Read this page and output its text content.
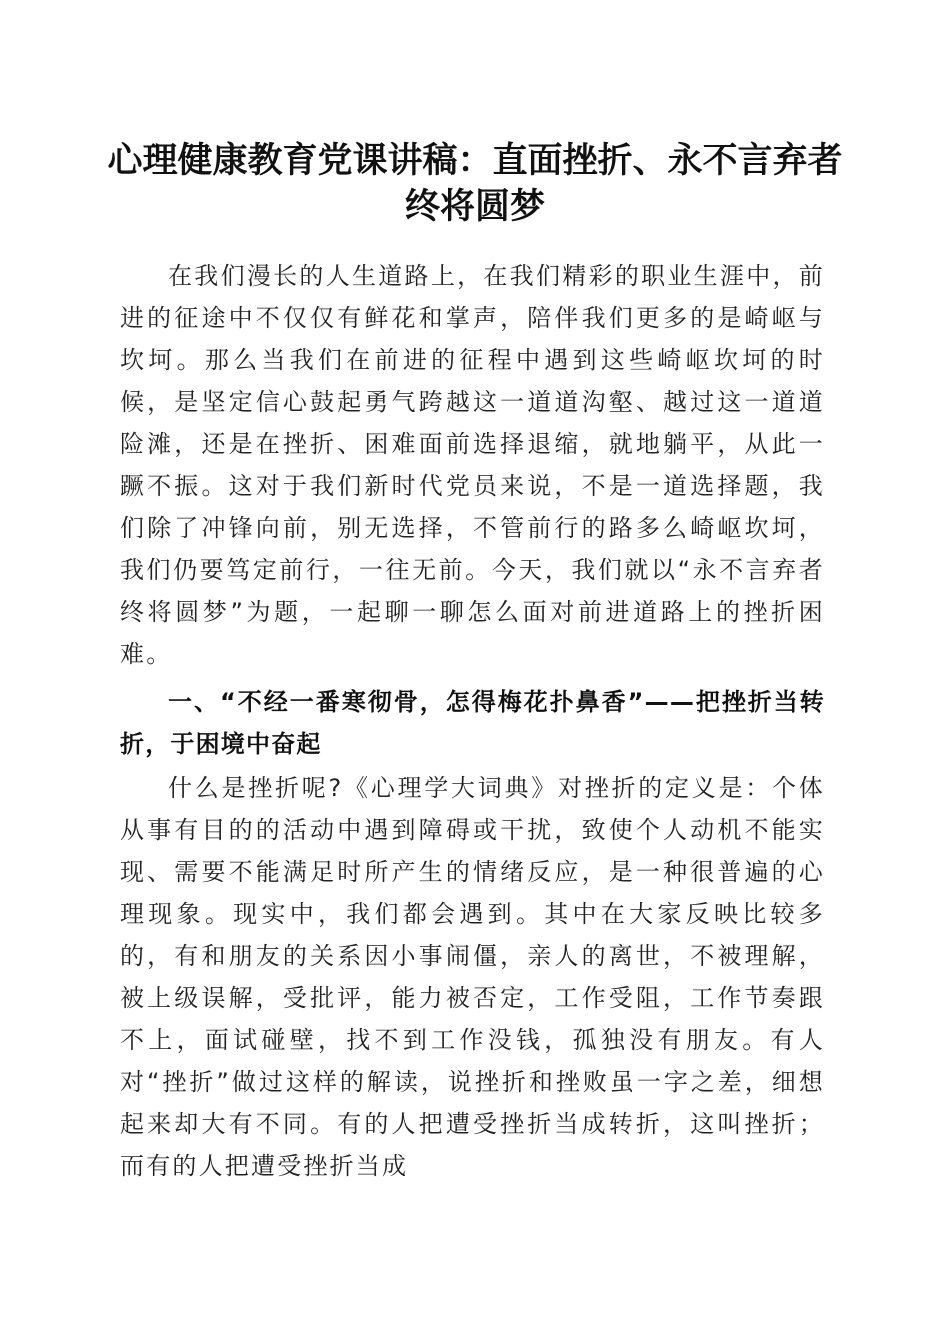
心理健康教育党课讲稿：直面挫折、永不言弃者终将圆梦

在我们漫长的人生道路上，在我们精彩的职业生涯中，前进的征途中不仅仅有鲜花和掌声，陪伴我们更多的是崎岖与坎坷。那么当我们在前进的征程中遇到这些崎岖坎坷的时候，是坚定信心鼓起勇气跨越这一道道沟壑、越过这一道道险滩，还是在挫折、困难面前选择退缩，就地躺平，从此一蹶不振。这对于我们新时代党员来说，不是一道选择题，我们除了冲锋向前，别无选择，不管前行的路多么崎岖坎坷，我们仍要笃定前行，一往无前。今天，我们就以“永不言弃者终将圆梦”为题，一起聊一聊怎么面对前进道路上的挫折困难。

一、“不经一番寒彻骨，怎得梅花扑鼻香”——把挫折当转折，于困境中奋起

什么是挫折呢?《心理学大词典》对挫折的定义是：个体从事有目的的活动中遇到障碍或干扰，致使个人动机不能实现、需要不能满足时所产生的情绪反应，是一种很普遍的心理现象。现实中，我们都会遇到。其中在大家反映比较多的，有和朋友的关系因小事闹僵，亲人的离世，不被理解，被上级误解，受批评，能力被否定，工作受阻，工作节奏跟不上，面试碰壁，找不到工作没钱，孤独没有朋友。有人对“挫折”做过这样的解读，说挫折和挫败虽一字之差，细想起来却大有不同。有的人把遭受挫折当成转折，这叫挫折；而有的人把遭受挫折当成
